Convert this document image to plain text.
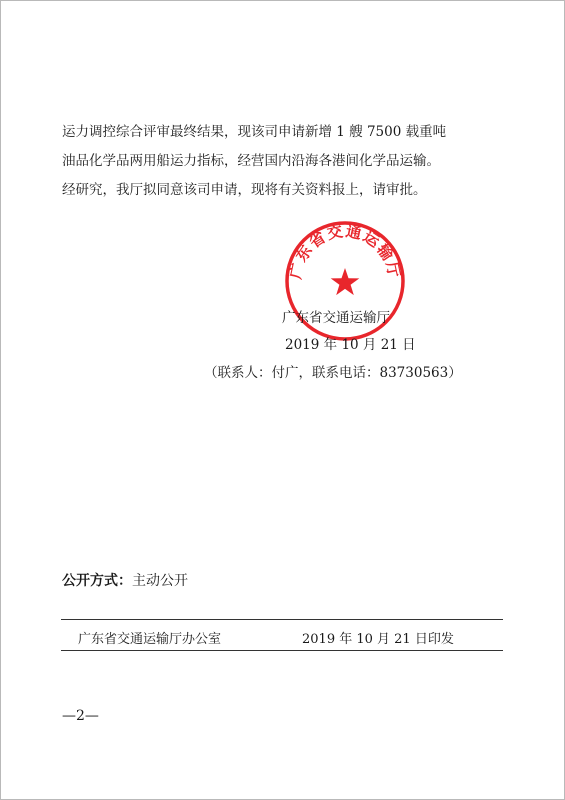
运力调控综合评审最终结果，现该司申请新增 1 艘 7500 载重吨

油品化学品两用船运力指标，经营国内沿海各港间化学品运输。

经研究，我厅拟同意该司申请，现将有关资料报上，请审批。

广东省交通运输厅
广东省交通运输厅
2019 年 10 月 21 日
（联系人：付广，联系电话：83730563）
公开方式：主动公开
广东省交通运输厅办公室	2019 年 10 月 21 日印发
—2—
